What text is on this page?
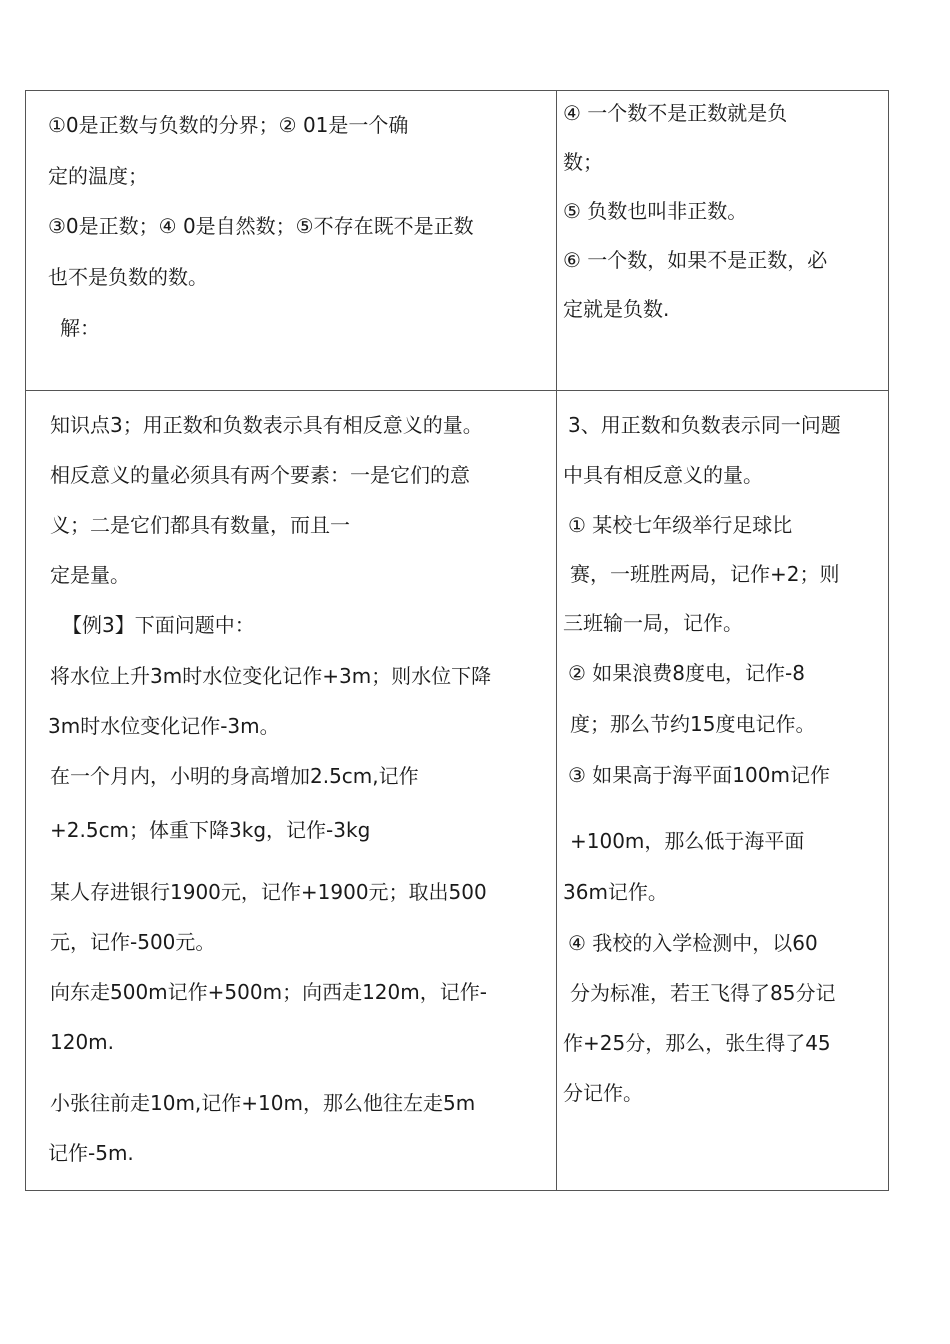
①0是正数与负数的分界；② 01是一个确
定的温度；
③0是正数；④ 0是自然数；⑤不存在既不是正数
也不是负数的数。
解：
④ 一个数不是正数就是负
数；
⑤ 负数也叫非正数。
⑥ 一个数，如果不是正数，必
定就是负数.
知识点3；用正数和负数表示具有相反意义的量。
相反意义的量必须具有两个要素：一是它们的意
义；二是它们都具有数量，而且一
定是量。
【例3】下面问题中：
将水位上升3m时水位变化记作+3m；则水位下降
3m时水位变化记作-3m。
在一个月内，小明的身高增加2.5cm,记作
+2.5cm；体重下降3kg，记作-3kg
某人存进银行1900元，记作+1900元；取出500
元，记作-500元。
向东走500m记作+500m；向西走120m，记作-
120m.
小张往前走10m,记作+10m，那么他往左走5m
记作-5m.
3、用正数和负数表示同一问题
中具有相反意义的量。
① 某校七年级举行足球比
赛，一班胜两局，记作+2；则
三班输一局，记作。
② 如果浪费8度电，记作-8
度；那么节约15度电记作。
③ 如果高于海平面100m记作
+100m，那么低于海平面
36m记作。
④ 我校的入学检测中，以60
分为标准，若王飞得了85分记
作+25分，那么，张生得了45
分记作。
